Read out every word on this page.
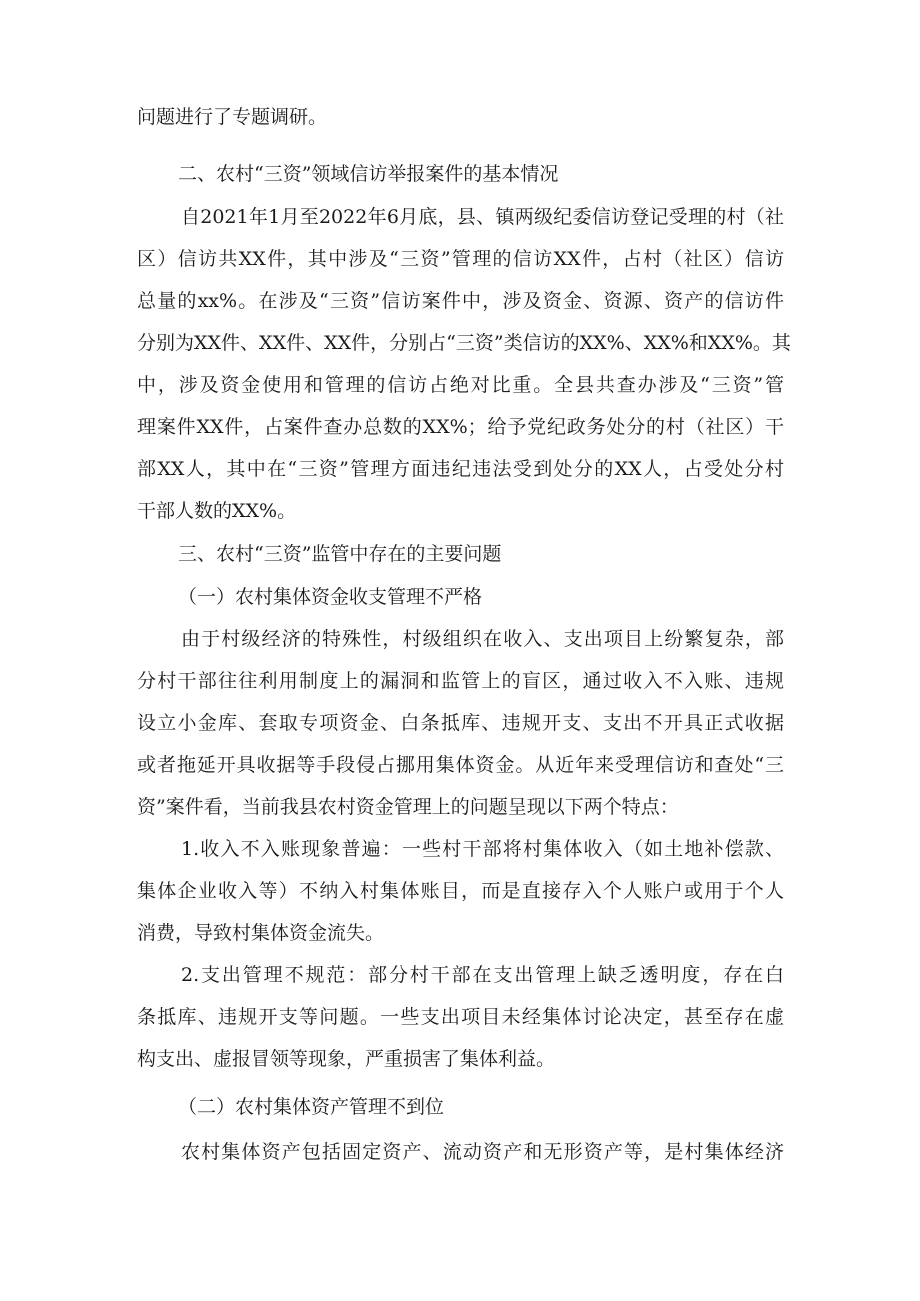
问题进行了专题调研。
二、农村“三资”领域信访举报案件的基本情况
自2021年1月至2022年6月底，县、镇两级纪委信访登记受理的村（社
区）信访共XX件，其中涉及“三资”管理的信访XX件，占村（社区）信访
总量的xx%。在涉及“三资”信访案件中，涉及资金、资源、资产的信访件
分别为XX件、XX件、XX件，分别占“三资”类信访的XX%、XX%和XX%。其
中，涉及资金使用和管理的信访占绝对比重。全县共查办涉及“三资”管
理案件XX件，占案件查办总数的XX%；给予党纪政务处分的村（社区）干
部XX人，其中在“三资”管理方面违纪违法受到处分的XX人，占受处分村
干部人数的XX%。
三、农村“三资”监管中存在的主要问题
（一）农村集体资金收支管理不严格
由于村级经济的特殊性，村级组织在收入、支出项目上纷繁复杂，部
分村干部往往利用制度上的漏洞和监管上的盲区，通过收入不入账、违规
设立小金库、套取专项资金、白条抵库、违规开支、支出不开具正式收据
或者拖延开具收据等手段侵占挪用集体资金。从近年来受理信访和查处“三
资”案件看，当前我县农村资金管理上的问题呈现以下两个特点：
1.收入不入账现象普遍：一些村干部将村集体收入（如土地补偿款、
集体企业收入等）不纳入村集体账目，而是直接存入个人账户或用于个人
消费，导致村集体资金流失。
2.支出管理不规范：部分村干部在支出管理上缺乏透明度，存在白
条抵库、违规开支等问题。一些支出项目未经集体讨论决定，甚至存在虚
构支出、虚报冒领等现象，严重损害了集体利益。
（二）农村集体资产管理不到位
农村集体资产包括固定资产、流动资产和无形资产等，是村集体经济
